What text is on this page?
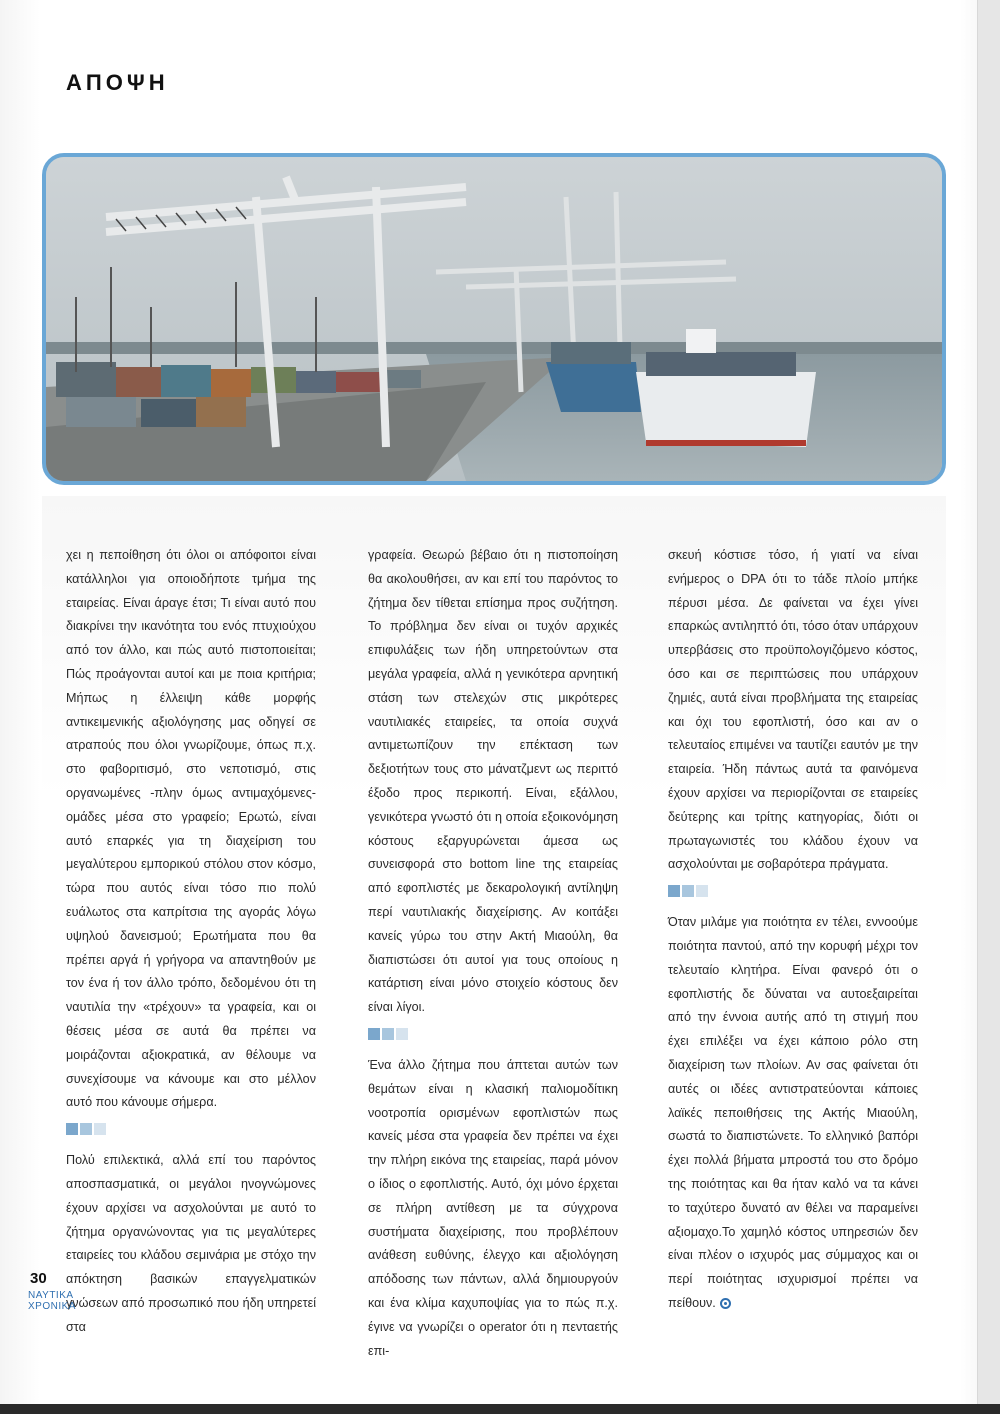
ΑΠΟΨΗ

χει η πεποίθηση ότι όλοι οι απόφοιτοι είναι κατάλληλοι για οποιοδήποτε τμήμα της εταιρείας. Είναι άραγε έτσι; Τι είναι αυτό που διακρίνει την ικανότητα του ενός πτυχιούχου από τον άλλο, και πώς αυτό πιστοποιείται; Πώς προάγονται αυτοί και με ποια κριτήρια; Μήπως η έλλειψη κάθε μορφής αντικειμενικής αξιολόγησης μας οδηγεί σε ατραπούς που όλοι γνωρίζουμε, όπως π.χ. στο φαβοριτισμό, στο νεποτισμό, στις οργανωμένες -πλην όμως αντιμαχόμενες- ομάδες μέσα στο γραφείο; Ερωτώ, είναι αυτό επαρκές για τη διαχείριση του μεγαλύτερου εμπορικού στόλου στον κόσμο, τώρα που αυτός είναι τόσο πιο πολύ ευάλωτος στα καπρίτσια της αγοράς λόγω υψηλού δανεισμού; Ερωτήματα που θα πρέπει αργά ή γρήγορα να απαντηθούν με τον ένα ή τον άλλο τρόπο, δεδομένου ότι τη ναυτιλία την «τρέχουν» τα γραφεία, και οι θέσεις μέσα σε αυτά θα πρέπει να μοιράζονται αξιοκρατικά, αν θέλουμε να συνεχίσουμε να κάνουμε και στο μέλλον αυτό που κάνουμε σήμερα.

Πολύ επιλεκτικά, αλλά επί του παρόντος αποσπασματικά, οι μεγάλοι ηνογνώμονες έχουν αρχίσει να ασχολούνται με αυτό το ζήτημα οργανώνοντας για τις μεγαλύτερες εταιρείες του κλάδου σεμινάρια με στόχο την απόκτηση βασικών επαγγελματικών γνώσεων από προσωπικό που ήδη υπηρετεί στα

γραφεία. Θεωρώ βέβαιο ότι η πιστοποίηση θα ακολουθήσει, αν και επί του παρόντος το ζήτημα δεν τίθεται επίσημα προς συζήτηση. Το πρόβλημα δεν είναι οι τυχόν αρχικές επιφυλάξεις των ήδη υπηρετούντων στα μεγάλα γραφεία, αλλά η γενικότερα αρνητική στάση των στελεχών στις μικρότερες ναυτιλιακές εταιρείες, τα οποία συχνά αντιμετωπίζουν την επέκταση των δεξιοτήτων τους στο μάνατζμεντ ως περιττό έξοδο προς περικοπή. Είναι, εξάλλου, γενικότερα γνωστό ότι η οποία εξοικονόμηση κόστους εξαργυρώνεται άμεσα ως συνεισφορά στο bottom line της εταιρείας από εφοπλιστές με δεκαρολογική αντίληψη περί ναυτιλιακής διαχείρισης. Αν κοιτάξει κανείς γύρω του στην Ακτή Μιαούλη, θα διαπιστώσει ότι αυτοί για τους οποίους η κατάρτιση είναι μόνο στοιχείο κόστους δεν είναι λίγοι.

Ένα άλλο ζήτημα που άπτεται αυτών των θεμάτων είναι η κλασική παλιομοδίτικη νοοτροπία ορισμένων εφοπλιστών πως κανείς μέσα στα γραφεία δεν πρέπει να έχει την πλήρη εικόνα της εταιρείας, παρά μόνον ο ίδιος ο εφοπλιστής. Αυτό, όχι μόνο έρχεται σε πλήρη αντίθεση με τα σύγχρονα συστήματα διαχείρισης, που προβλέπουν ανάθεση ευθύνης, έλεγχο και αξιολόγηση απόδοσης των πάντων, αλλά δημιουργούν και ένα κλίμα καχυποψίας για το πώς π.χ. έγινε να γνωρίζει ο operator ότι η πενταετής επι-

σκευή κόστισε τόσο, ή γιατί να είναι ενήμερος ο DPA ότι το τάδε πλοίο μπήκε πέρυσι μέσα. Δε φαίνεται να έχει γίνει επαρκώς αντιληπτό ότι, τόσο όταν υπάρχουν υπερβάσεις στο προϋπολογιζόμενο κόστος, όσο και σε περιπτώσεις που υπάρχουν ζημιές, αυτά είναι προβλήματα της εταιρείας και όχι του εφοπλιστή, όσο και αν ο τελευταίος επιμένει να ταυτίζει εαυτόν με την εταιρεία. Ήδη πάντως αυτά τα φαινόμενα έχουν αρχίσει να περιορίζονται σε εταιρείες δεύτερης και τρίτης κατηγορίας, διότι οι πρωταγωνιστές του κλάδου έχουν να ασχολούνται με σοβαρότερα πράγματα.

Όταν μιλάμε για ποιότητα εν τέλει, εννοούμε ποιότητα παντού, από την κορυφή μέχρι τον τελευταίο κλητήρα. Είναι φανερό ότι ο εφοπλιστής δε δύναται να αυτοεξαιρείται από την έννοια αυτής από τη στιγμή που έχει επιλέξει να έχει κάποιο ρόλο στη διαχείριση των πλοίων. Αν σας φαίνεται ότι αυτές οι ιδέες αντιστρατεύονται κάποιες λαϊκές πεποιθήσεις της Ακτής Μιαούλη, σωστά το διαπιστώνετε. Το ελληνικό βαπόρι έχει πολλά βήματα μπροστά του στο δρόμο της ποιότητας και θα ήταν καλό να τα κάνει το ταχύτερο δυνατό αν θέλει να παραμείνει αξιομαχο.Το χαμηλό κόστος υπηρεσιών δεν είναι πλέον ο ισχυρός μας σύμμαχος και οι περί ποιότητας ισχυρισμοί πρέπει να πείθουν.

30
ΝΑΥΤΙΚΑ
ΧΡΟΝΙΚΑ
